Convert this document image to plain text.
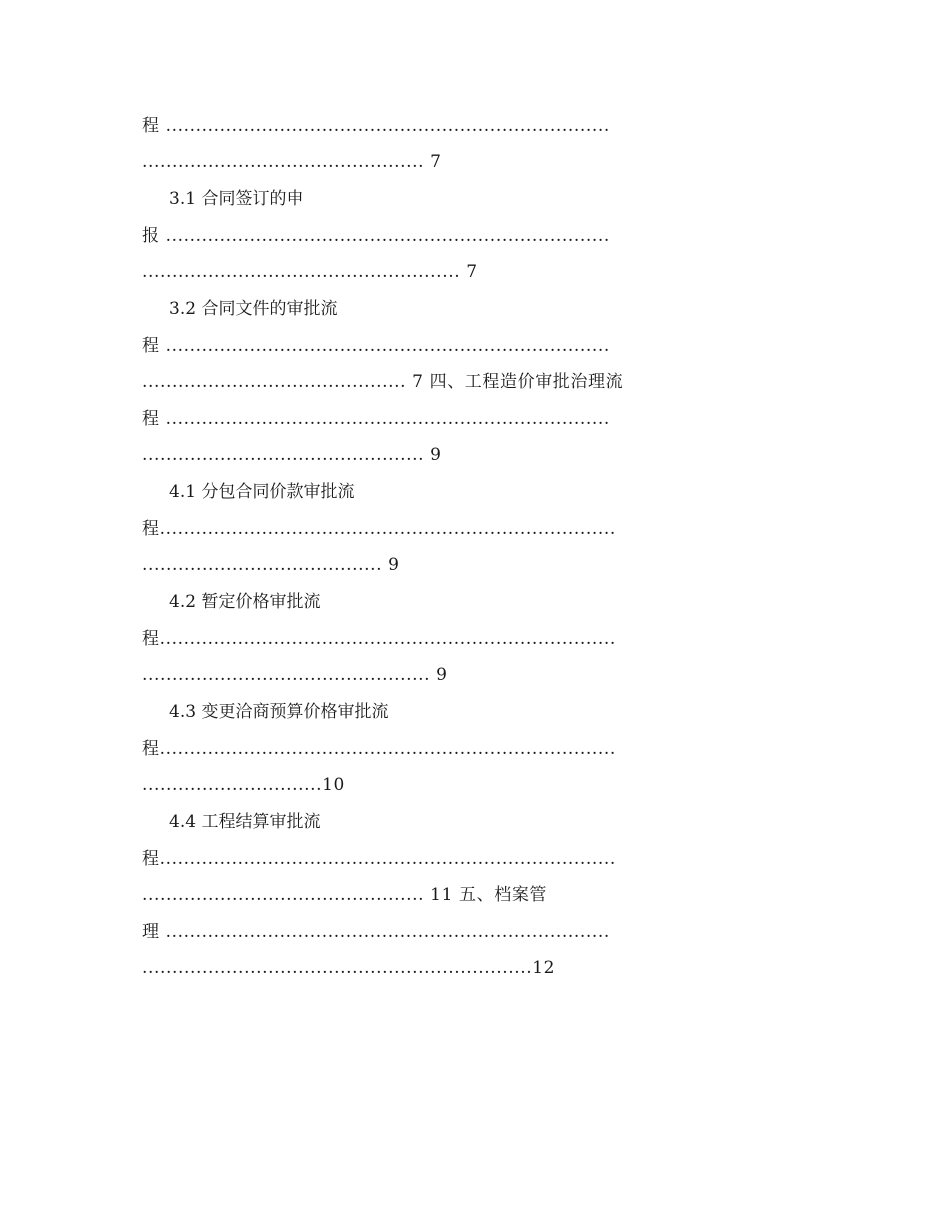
程 ..........................................................................
............................................... 7
3.1 合同签订的申
报 ..........................................................................
..................................................... 7
3.2 合同文件的审批流
程 ..........................................................................
............................................ 7 四、工程造价审批治理流
程 ..........................................................................
............................................... 9
4.1 分包合同价款审批流
程............................................................................
........................................ 9
4.2 暂定价格审批流
程............................................................................
................................................ 9
4.3 变更洽商预算价格审批流
程............................................................................
..............................10
4.4 工程结算审批流
程............................................................................
............................................... 11 五、档案管
理 ..........................................................................
.................................................................12
